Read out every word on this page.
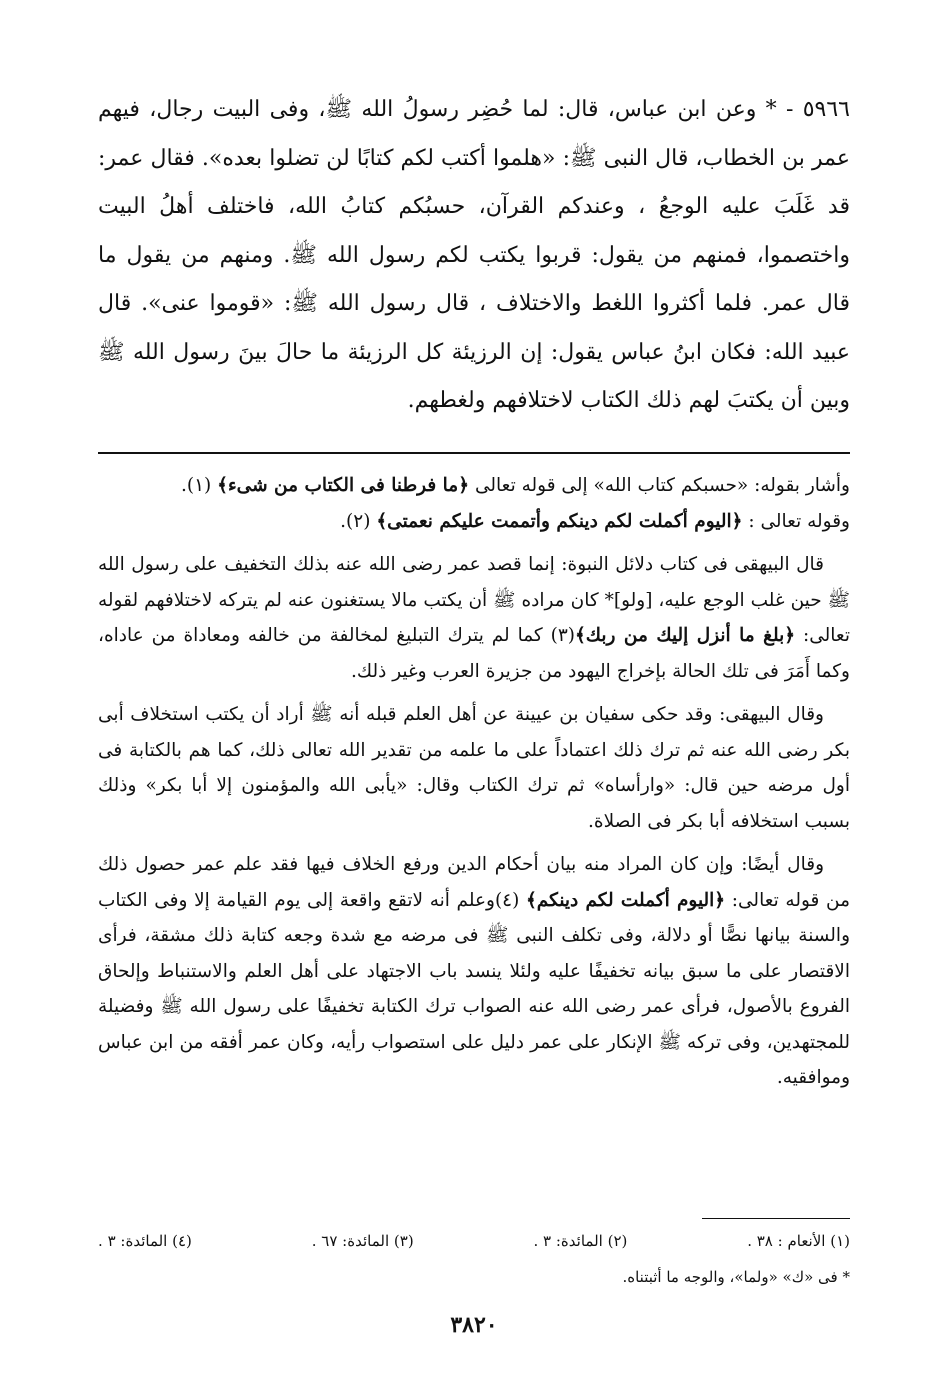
٥٩٦٦ - * وعن ابن عباس، قال: لما حُضِر رسولُ الله ﷺ، وفى البيت رجال، فيهم عمر بن الخطاب، قال النبى ﷺ: «هلموا أكتب لكم كتابًا لن تضلوا بعده». فقال عمر: قد غَلَبَ عليه الوجعُ ، وعندكم القرآن، حسبُكم كتابُ الله، فاختلف أهلُ البيت واختصموا، فمنهم من يقول: قربوا يكتب لكم رسول الله ﷺ. ومنهم من يقول ما قال عمر. فلما أكثروا اللغط والاختلاف ، قال رسول الله ﷺ: «قوموا عنى». قال عبيد الله: فكان ابنُ عباس يقول: إن الرزيئة كل الرزيئة ما حالَ بينَ رسول الله ﷺ وبين أن يكتبَ لهم ذلك الكتاب لاختلافهم ولغطهم.

وأشار بقوله: «حسبكم كتاب الله» إلى قوله تعالى ﴿ما فرطنا فى الكتاب من شىء﴾ (١).
وقوله تعالى : ﴿اليوم أكملت لكم دينكم وأتممت عليكم نعمتى﴾ (٢).

قال البيهقى فى كتاب دلائل النبوة: إنما قصد عمر رضى الله عنه بذلك التخفيف على رسول الله ﷺ حين غلب الوجع عليه، [ولو]* كان مراده ﷺ أن يكتب مالا يستغنون عنه لم يتركه لاختلافهم لقوله تعالى: ﴿بلغ ما أنزل إليك من ربك﴾(٣) كما لم يترك التبليغ لمخالفة من خالفه ومعاداة من عاداه، وكما أَمَرَ فى تلك الحالة بإخراج اليهود من جزيرة العرب وغير ذلك.

وقال البيهقى: وقد حكى سفيان بن عيينة عن أهل العلم قبله أنه ﷺ أراد أن يكتب استخلاف أبى بكر رضى الله عنه ثم ترك ذلك اعتماداً على ما علمه من تقدير الله تعالى ذلك، كما هم بالكتابة فى أول مرضه حين قال: «وارأساه» ثم ترك الكتاب وقال: «يأبى الله والمؤمنون إلا أبا بكر» وذلك بسبب استخلافه أبا بكر فى الصلاة.

وقال أيضًا: وإن كان المراد منه بيان أحكام الدين ورفع الخلاف فيها فقد علم عمر حصول ذلك من قوله تعالى: ﴿اليوم أكملت لكم دينكم﴾ (٤)وعلم أنه لاتقع واقعة إلى يوم القيامة إلا وفى الكتاب والسنة بيانها نصًّا أو دلالة، وفى تكلف النبى ﷺ فى مرضه مع شدة وجعه كتابة ذلك مشقة، فرأى الاقتصار على ما سبق بيانه تخفيفًا عليه ولئلا ينسد باب الاجتهاد على أهل العلم والاستنباط وإلحاق الفروع بالأصول، فرأى عمر رضى الله عنه الصواب ترك الكتابة تخفيفًا على رسول الله ﷺ وفضيلة للمجتهدين، وفى تركه ﷺ الإنكار على عمر دليل على استصواب رأيه، وكان عمر أفقه من ابن عباس وموافقيه.

(١) الأنعام : ٣٨ .
(٢) المائدة: ٣ .
(٣) المائدة: ٦٧ .
(٤) المائدة: ٣ .
* فى «ك» «ولما»، والوجه ما أثبتناه.
٣٨٢٠
